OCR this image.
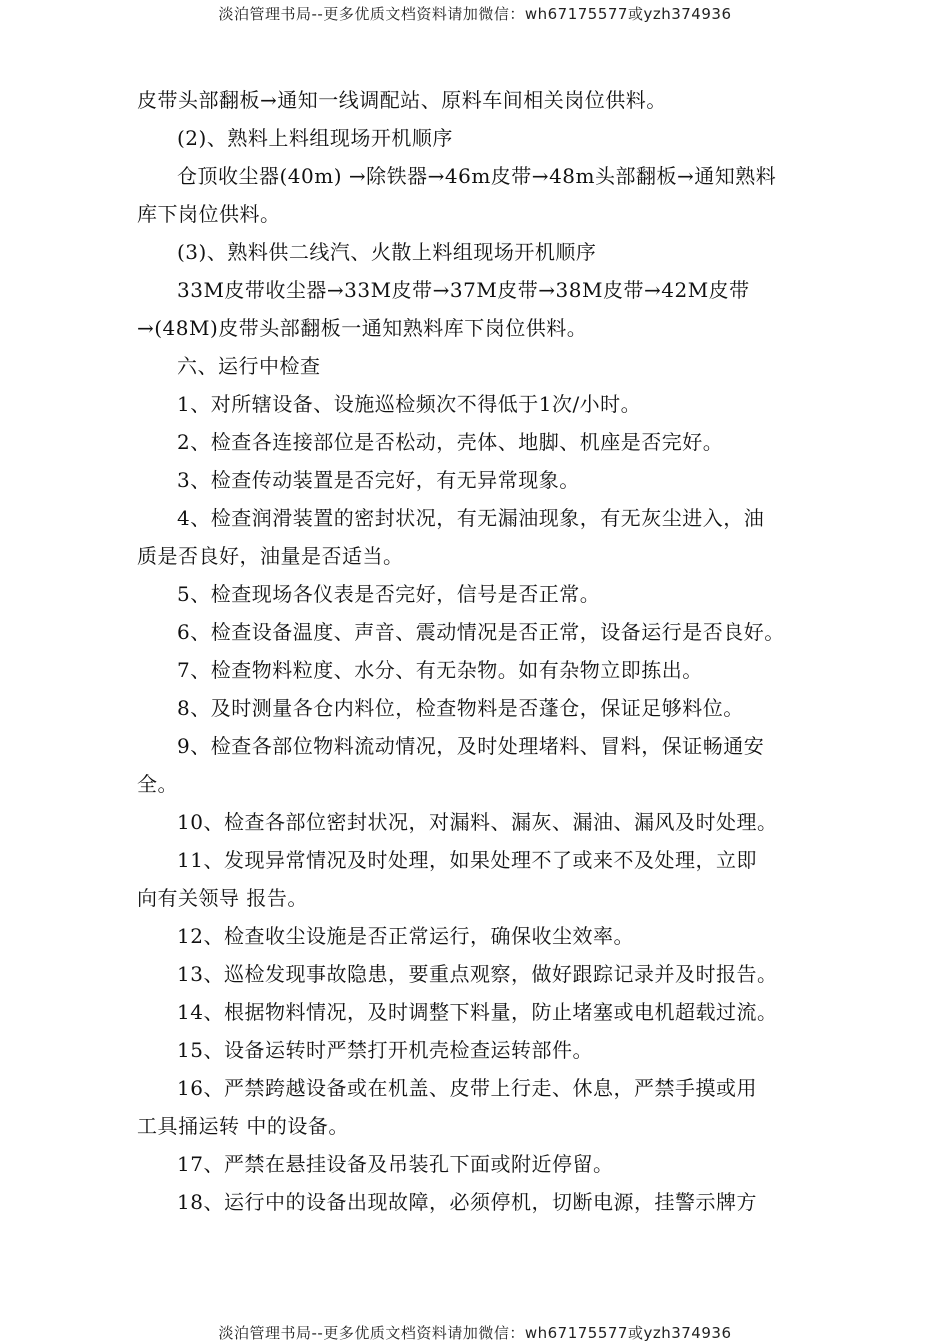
淡泊管理书局--更多优质文档资料请加微信：wh67175577或yzh374936
皮带头部翻板→通知一线调配站、原料车间相关岗位供料。
(2)、熟料上料组现场开机顺序
仓顶收尘器(40m) →除铁器→46m皮带→48m头部翻板→通知熟料
库下岗位供料。
(3)、熟料供二线汽、火散上料组现场开机顺序
33M皮带收尘器→33M皮带→37M皮带→38M皮带→42M皮带
→(48M)皮带头部翻板一通知熟料库下岗位供料。
六、运行中检查
1、对所辖设备、设施巡检频次不得低于1次/小时。
2、检查各连接部位是否松动，壳体、地脚、机座是否完好。
3、检查传动装置是否完好，有无异常现象。
4、检查润滑装置的密封状况，有无漏油现象，有无灰尘进入，油
质是否良好，油量是否适当。
5、检查现场各仪表是否完好，信号是否正常。
6、检查设备温度、声音、震动情况是否正常，设备运行是否良好。
7、检查物料粒度、水分、有无杂物。如有杂物立即拣出。
8、及时测量各仓内料位，检查物料是否蓬仓，保证足够料位。
9、检查各部位物料流动情况，及时处理堵料、冒料，保证畅通安
全。
10、检查各部位密封状况，对漏料、漏灰、漏油、漏风及时处理。
11、发现异常情况及时处理，如果处理不了或来不及处理，立即
向有关领导 报告。
12、检查收尘设施是否正常运行，确保收尘效率。
13、巡检发现事故隐患，要重点观察，做好跟踪记录并及时报告。
14、根据物料情况，及时调整下料量，防止堵塞或电机超载过流。
15、设备运转时严禁打开机壳检查运转部件。
16、严禁跨越设备或在机盖、皮带上行走、休息，严禁手摸或用
工具捅运转 中的设备。
17、严禁在悬挂设备及吊装孔下面或附近停留。
18、运行中的设备出现故障，必须停机，切断电源，挂警示牌方
淡泊管理书局--更多优质文档资料请加微信：wh67175577或yzh374936
